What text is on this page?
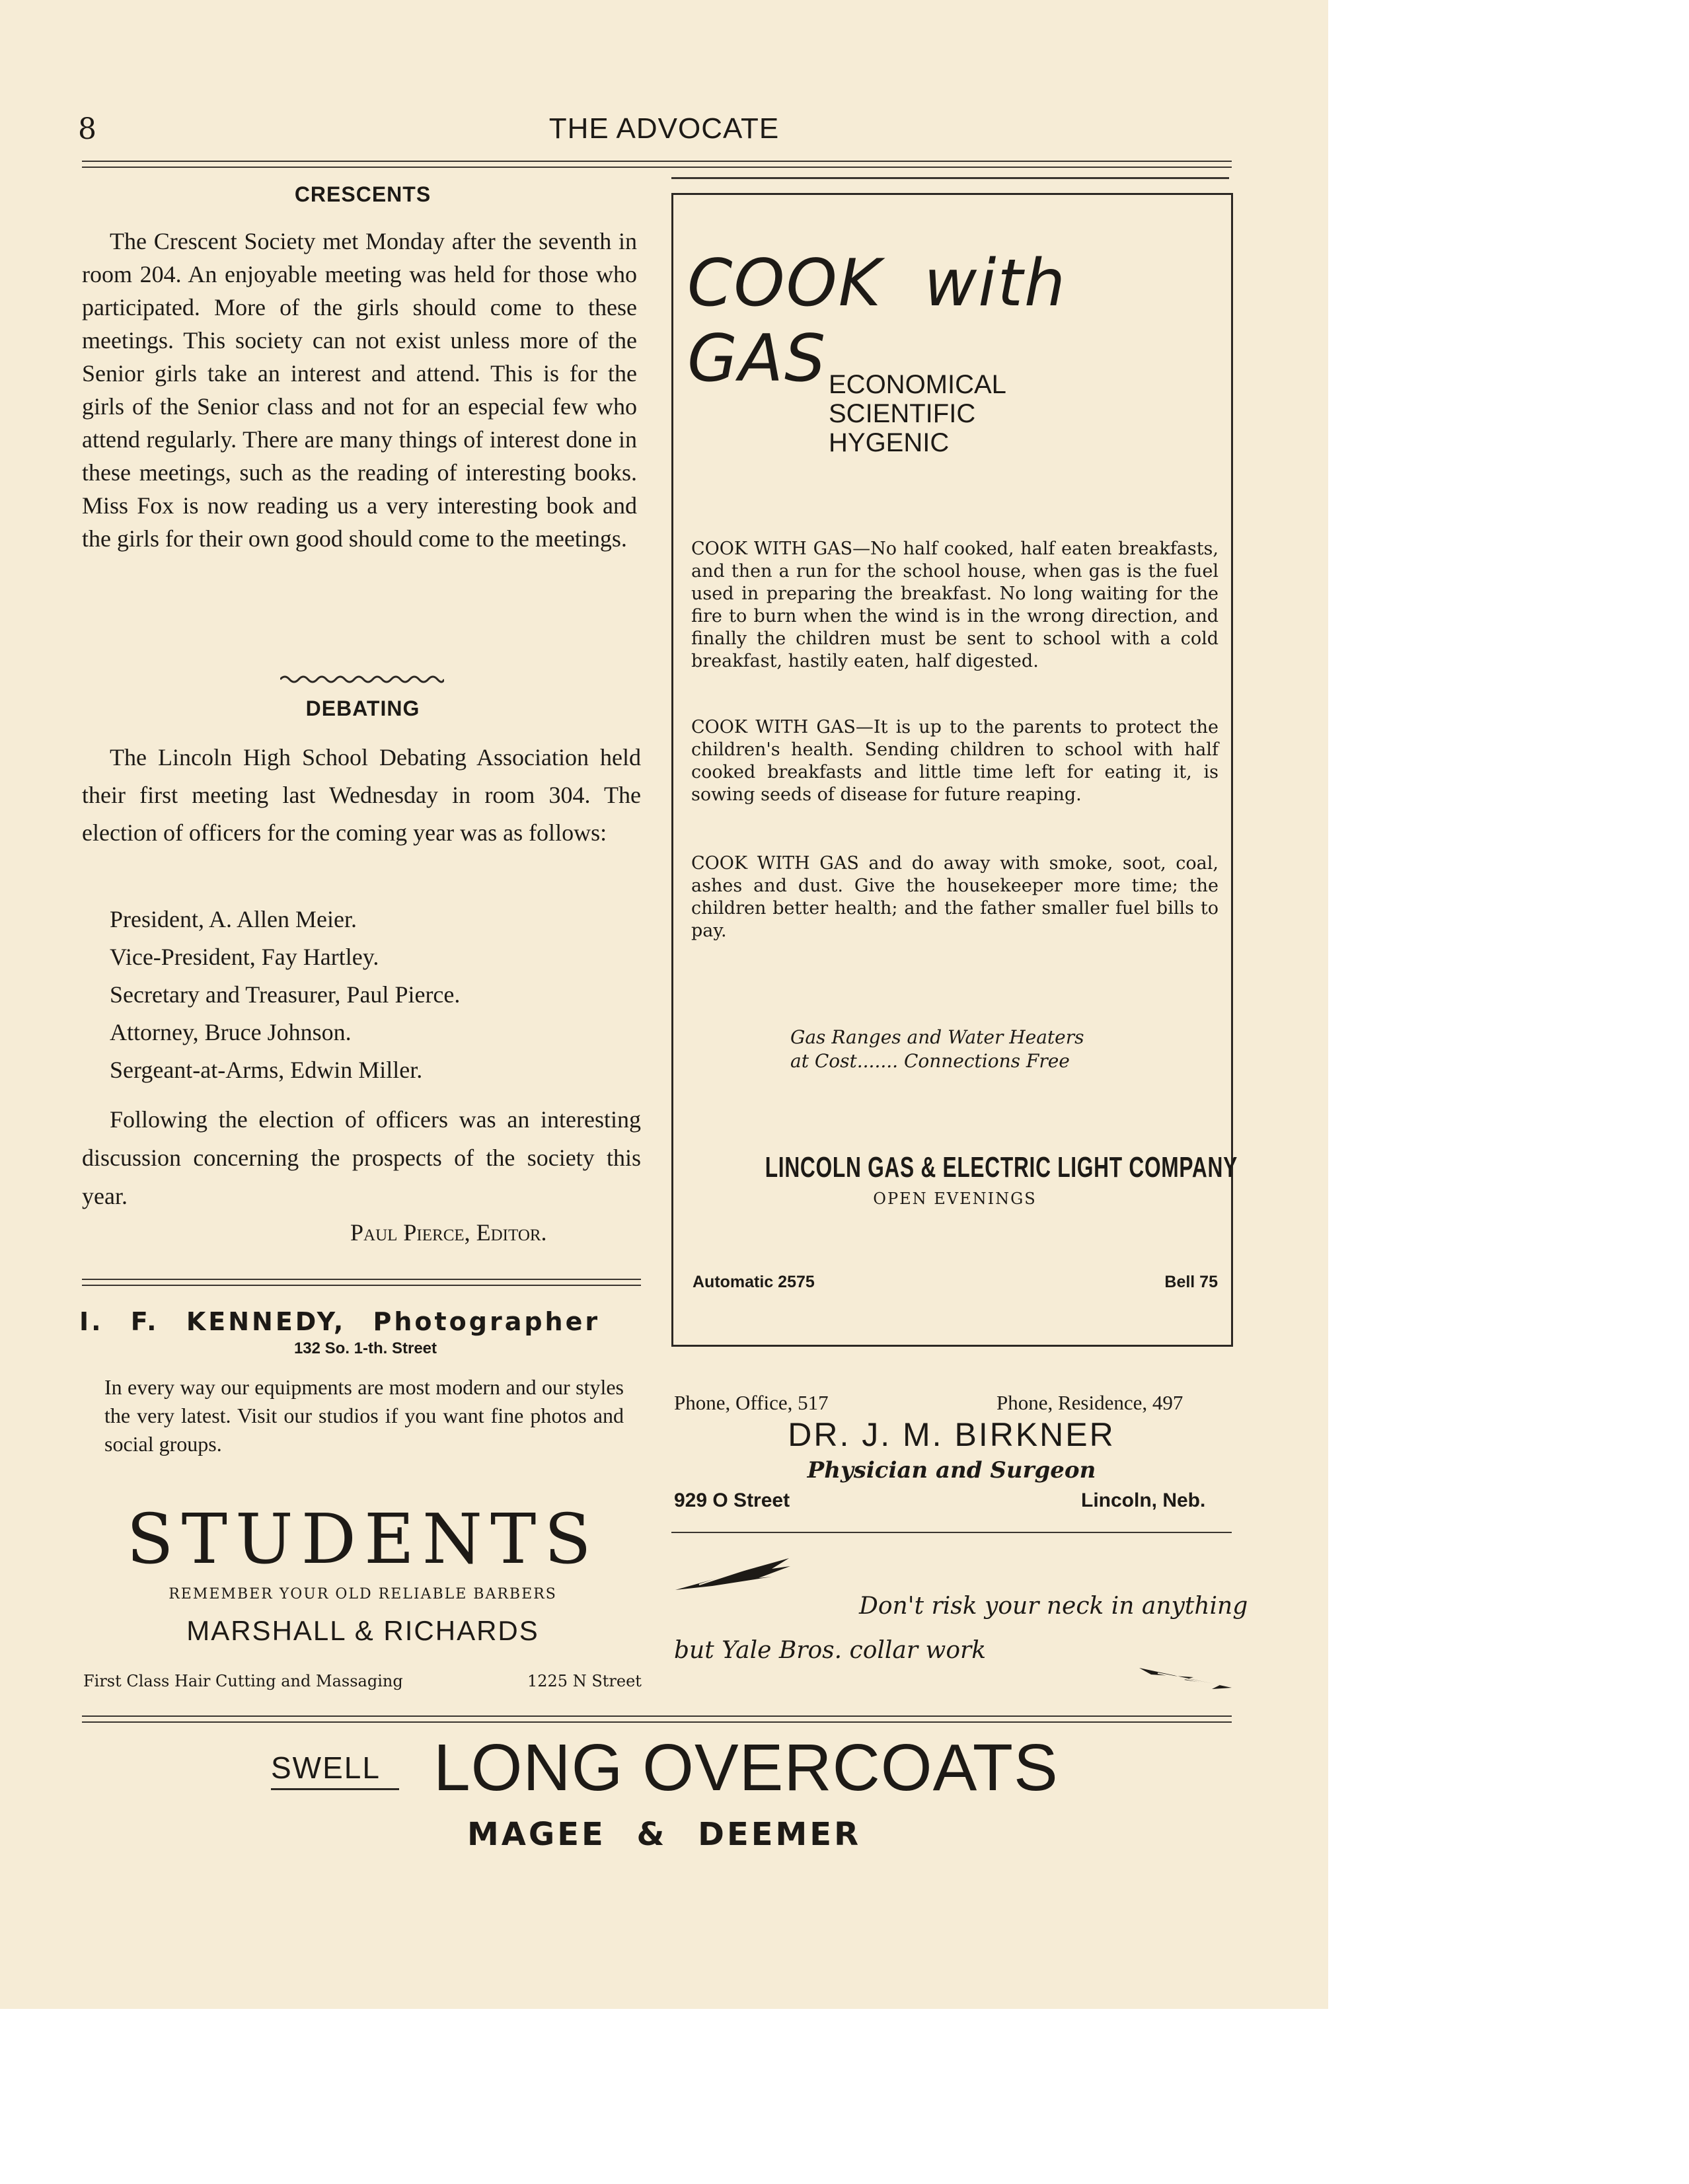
8	THE ADVOCATE
CRESCENTS

The Crescent Society met Monday after the seventh in room 204. An enjoyable meeting was held for those who participated. More of the girls should come to these meetings. This society can not exist unless more of the Senior girls take an interest and attend. This is for the girls of the Senior class and not for an especial few who attend regularly. There are many things of interest done in these meetings, such as the reading of interesting books. Miss Fox is now reading us a very interesting book and the girls for their own good should come to the meetings.

DEBATING

The Lincoln High School Debating Association held their first meeting last Wednesday in room 304. The election of officers for the coming year was as follows:

President, A. Allen Meier.
Vice-President, Fay Hartley.
Secretary and Treasurer, Paul Pierce.
Attorney, Bruce Johnson.
Sergeant-at-Arms, Edwin Miller.

Following the election of officers was an interesting discussion concerning the prospects of the society this year.

Paul Pierce, Editor.
I. F. KENNEDY, Photographer
132 So. 1-th. Street

In every way our equipments are most modern and our styles the very latest. Visit our studios if you want fine photos and social groups.

STUDENTS
REMEMBER YOUR OLD RELIABLE BARBERS
MARSHALL & RICHARDS
First Class Hair Cutting and Massaging	1225 N Street
COOK with GAS ECONOMICAL
SCIENTIFIC
HYGENIC

COOK WITH GAS—No half cooked, half eaten breakfasts, and then a run for the school house, when gas is the fuel used in preparing the breakfast. No long waiting for the fire to burn when the wind is in the wrong direction, and finally the children must be sent to school with a cold breakfast, hastily eaten, half digested.

COOK WITH GAS—It is up to the parents to protect the children's health. Sending children to school with half cooked breakfasts and little time left for eating it, is sowing seeds of disease for future reaping.

COOK WITH GAS and do away with smoke, soot, coal, ashes and dust. Give the housekeeper more time; the children better health; and the father smaller fuel bills to pay.

Gas Ranges and Water Heaters
at Cost....... Connections Free
LINCOLN GAS & ELECTRIC LIGHT COMPANY
OPEN EVENINGS
Automatic 2575	Bell 75
Phone, Office, 517	Phone, Residence, 497
DR. J. M. BIRKNER
Physician and Surgeon
929 O Street	Lincoln, Neb.
Don't risk your neck in anything
but Yale Bros. collar work
SWELL LONG OVERCOATS
MAGEE & DEEMER
